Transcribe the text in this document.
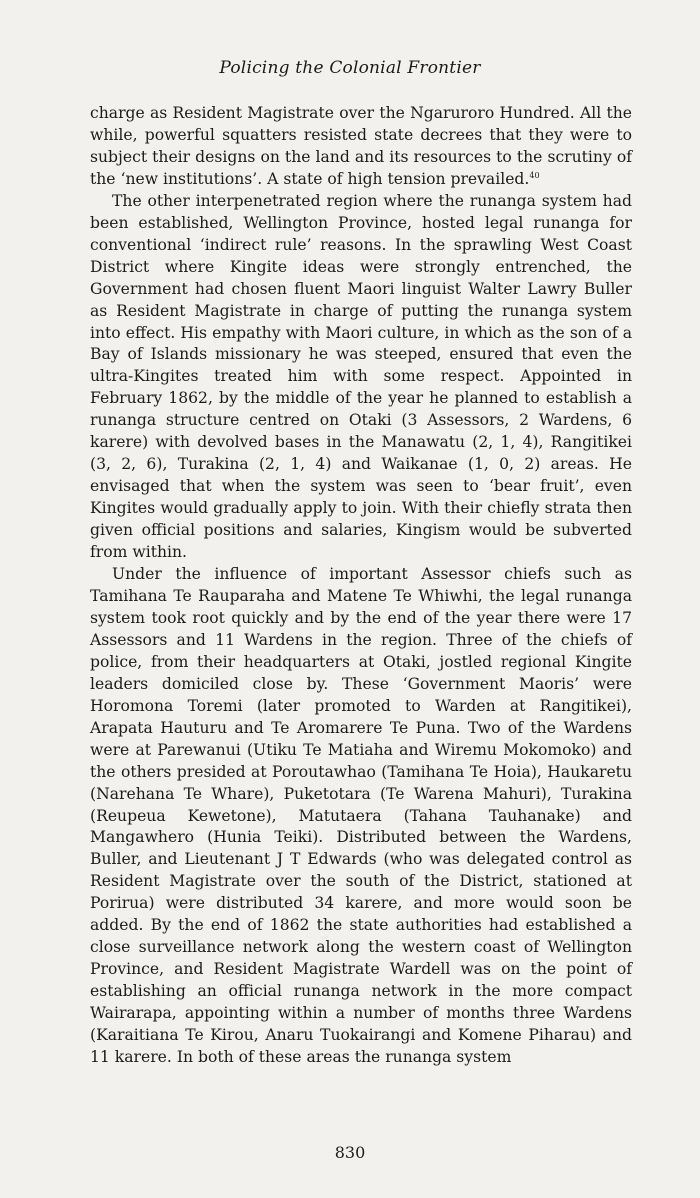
Policing the Colonial Frontier

charge as Resident Magistrate over the Ngaruroro Hundred. All the while, powerful squatters resisted state decrees that they were to subject their designs on the land and its resources to the scrutiny of the ‘new institutions’. A state of high tension prevailed.$^{40}$

The other interpenetrated region where the runanga system had been established, Wellington Province, hosted legal runanga for conventional ‘indirect rule’ reasons. In the sprawling West Coast District where Kingite ideas were strongly entrenched, the Government had chosen fluent Maori linguist Walter Lawry Buller as Resident Magistrate in charge of putting the runanga system into effect. His empathy with Maori culture, in which as the son of a Bay of Islands missionary he was steeped, ensured that even the ultra-Kingites treated him with some respect. Appointed in February 1862, by the middle of the year he planned to establish a runanga structure centred on Otaki (3 Assessors, 2 Wardens, 6 karere) with devolved bases in the Manawatu (2, 1, 4), Rangitikei (3, 2, 6), Turakina (2, 1, 4) and Waikanae (1, 0, 2) areas. He envisaged that when the system was seen to ‘bear fruit’, even Kingites would gradually apply to join. With their chiefly strata then given official positions and salaries, Kingism would be subverted from within.

Under the influence of important Assessor chiefs such as Tamihana Te Rauparaha and Matene Te Whiwhi, the legal runanga system took root quickly and by the end of the year there were 17 Assessors and 11 Wardens in the region. Three of the chiefs of police, from their headquarters at Otaki, jostled regional Kingite leaders domiciled close by. These ‘Government Maoris’ were Horomona Toremi (later promoted to Warden at Rangitikei), Arapata Hauturu and Te Aromarere Te Puna. Two of the Wardens were at Parewanui (Utiku Te Matiaha and Wiremu Mokomoko) and the others presided at Poroutawhao (Tamihana Te Hoia), Haukaretu (Narehana Te Whare), Puketotara (Te Warena Mahuri), Turakina (Reupeua Kewetone), Matutaera (Tahana Tauhanake) and Mangawhero (Hunia Teiki). Distributed between the Wardens, Buller, and Lieutenant J T Edwards (who was delegated control as Resident Magistrate over the south of the District, stationed at Porirua) were distributed 34 karere, and more would soon be added. By the end of 1862 the state authorities had established a close surveillance network along the western coast of Wellington Province, and Resident Magistrate Wardell was on the point of establishing an official runanga network in the more compact Wairarapa, appointing within a number of months three Wardens (Karaitiana Te Kirou, Anaru Tuokairangi and Komene Piharau) and 11 karere. In both of these areas the runanga system

830
